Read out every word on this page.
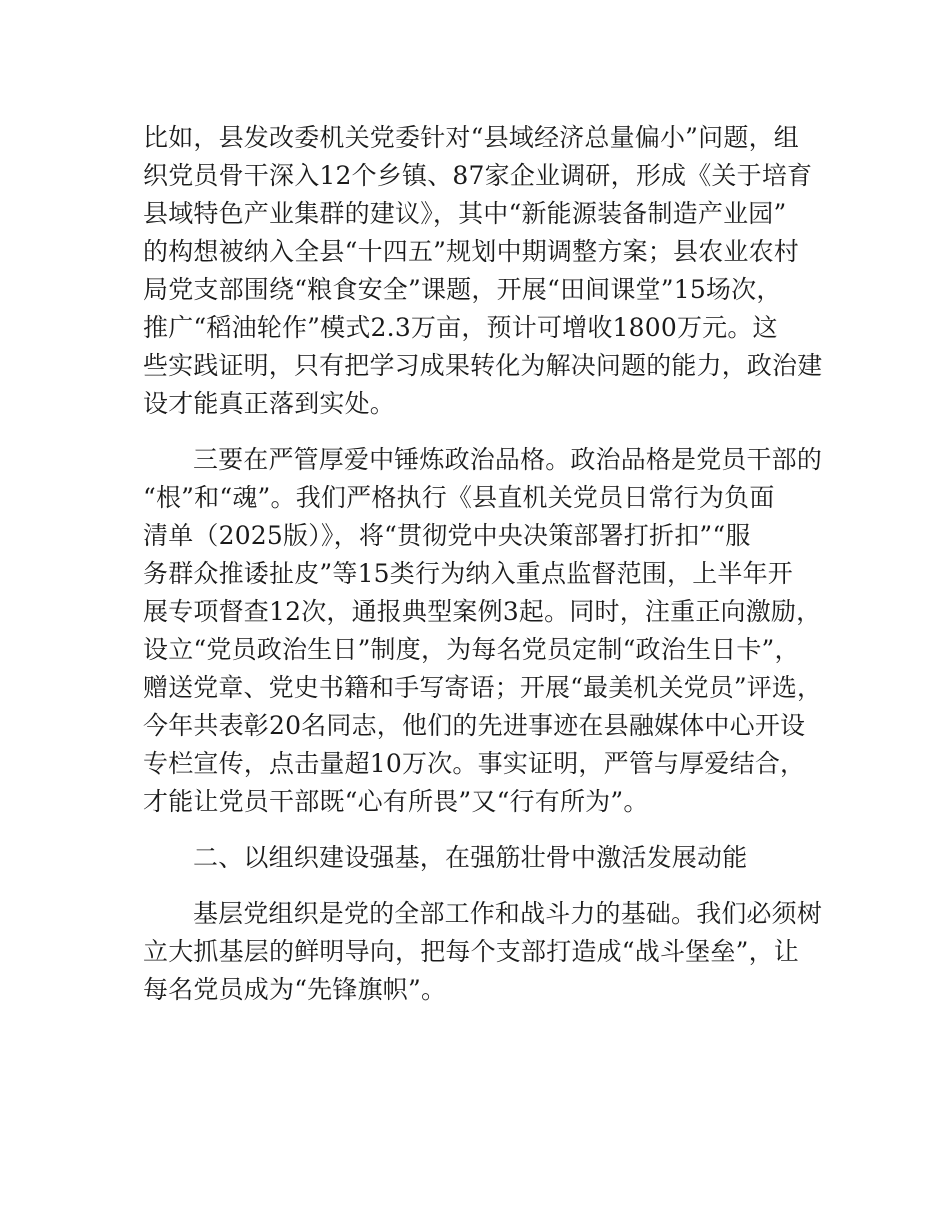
比如，县发改委机关党委针对“县域经济总量偏小”问题，组
织党员骨干深入12个乡镇、87家企业调研，形成《关于培育
县域特色产业集群的建议》，其中“新能源装备制造产业园”
的构想被纳入全县“十四五”规划中期调整方案；县农业农村
局党支部围绕“粮食安全”课题，开展“田间课堂”15场次，
推广“稻油轮作”模式2.3万亩，预计可增收1800万元。这
些实践证明，只有把学习成果转化为解决问题的能力，政治建
设才能真正落到实处。
三要在严管厚爱中锤炼政治品格。政治品格是党员干部的
“根”和“魂”。我们严格执行《县直机关党员日常行为负面
清单（2025版）》，将“贯彻党中央决策部署打折扣”“服
务群众推诿扯皮”等15类行为纳入重点监督范围，上半年开
展专项督查12次，通报典型案例3起。同时，注重正向激励，
设立“党员政治生日”制度，为每名党员定制“政治生日卡”，
赠送党章、党史书籍和手写寄语；开展“最美机关党员”评选，
今年共表彰20名同志，他们的先进事迹在县融媒体中心开设
专栏宣传，点击量超10万次。事实证明，严管与厚爱结合，
才能让党员干部既“心有所畏”又“行有所为”。
二、以组织建设强基，在强筋壮骨中激活发展动能
基层党组织是党的全部工作和战斗力的基础。我们必须树
立大抓基层的鲜明导向，把每个支部打造成“战斗堡垒”，让
每名党员成为“先锋旗帜”。
